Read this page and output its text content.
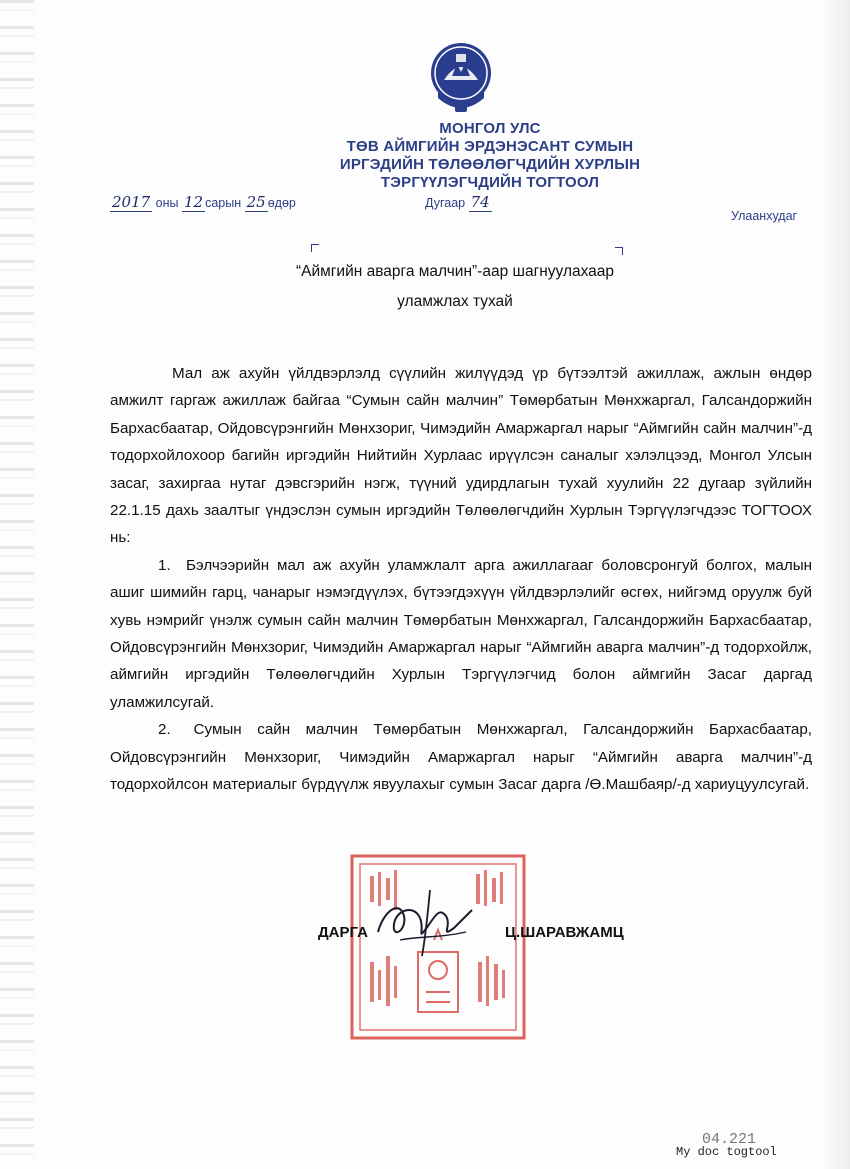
МОНГОЛ УЛС
ТӨВ АЙМГИЙН ЭРДЭНЭСАНТ СУМЫН
ИРГЭДИЙН ТӨЛӨӨЛӨГЧДИЙН ХУРЛЫН
ТЭРГҮҮЛЭГЧДИЙН ТОГТООЛ
2017 оны 12 сарын 25 өдөр	Дугаар 74
Улаанхудаг
“Аймгийн аварга малчин”-аар шагнуулахаар
уламжлах тухай

Мал аж ахуйн үйлдвэрлэлд сүүлийн жилүүдэд үр бүтээлтэй ажиллаж, ажлын өндөр амжилт гаргаж ажиллаж байгаа “Сумын сайн малчин” Төмөрбатын Мөнхжаргал, Галсандоржийн Бархасбаатар, Ойдовсүрэнгийн Мөнхзориг, Чимэдийн Амаржаргал нарыг “Аймгийн сайн малчин”-д тодорхойлохоор багийн иргэдийн Нийтийн Хурлаас ирүүлсэн саналыг хэлэлцээд, Монгол Улсын засаг, захиргаа нутаг дэвсгэрийн нэгж, түүний удирдлагын тухай хуулийн 22 дугаар зүйлийн 22.1.15 дахь заалтыг үндэслэн сумын иргэдийн Төлөөлөгчдийн Хурлын Тэргүүлэгчдээс ТОГТООХ нь:

1. Бэлчээрийн мал аж ахуйн уламжлалт арга ажиллагааг боловсронгуй болгох, малын ашиг шимийн гарц, чанарыг нэмэгдүүлэх, бүтээгдэхүүн үйлдвэрлэлийг өсгөх, нийгэмд оруулж буй хувь нэмрийг үнэлж сумын сайн малчин Төмөрбатын Мөнхжаргал, Галсандоржийн Бархасбаатар, Ойдовсүрэнгийн Мөнхзориг, Чимэдийн Амаржаргал нарыг “Аймгийн аварга малчин”-д тодорхойлж, аймгийн иргэдийн Төлөөлөгчдийн Хурлын Тэргүүлэгчид болон аймгийн Засаг даргад уламжилсугай.
2. Сумын сайн малчин Төмөрбатын Мөнхжаргал, Галсандоржийн Бархасбаатар, Ойдовсүрэнгийн Мөнхзориг, Чимэдийн Амаржаргал нарыг “Аймгийн аварга малчин”-д тодорхойлсон материалыг бүрдүүлж явуулахыг сумын Засаг дарга /Ө.Машбаяр/-д хариуцуулсугай.
ДАРГА	Ц.ШАРАВЖАМЦ
04.221
My doc togtool
